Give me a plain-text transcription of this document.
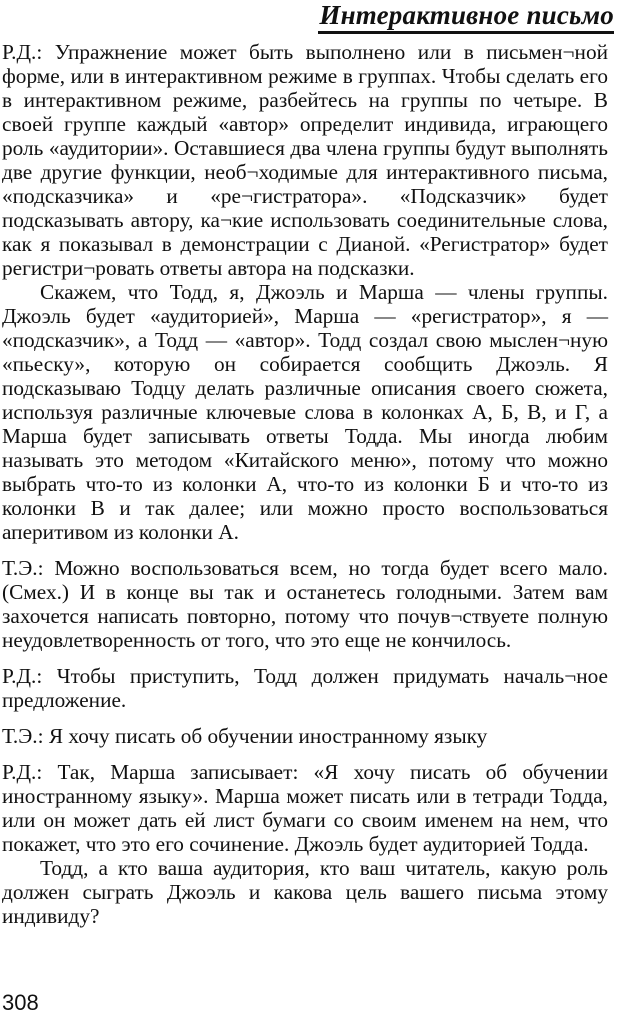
Интерактивное письмо

Р.Д.: Упражнение может быть выполнено или в письмен¬ной форме, или в интерактивном режиме в группах. Чтобы сделать его в интерактивном режиме, разбейтесь на группы по четыре. В своей группе каждый «автор» определит индивида, играющего роль «аудитории». Оставшиеся два члена группы будут выполнять две другие функции, необ¬ходимые для интерактивного письма, «подсказчика» и «ре¬гистратора». «Подсказчик» будет подсказывать автору, ка¬кие использовать соединительные слова, как я показывал в демонстрации с Дианой. «Регистратор» будет регистри¬ровать ответы автора на подсказки.

Скажем, что Тодд, я, Джоэль и Марша — члены группы. Джоэль будет «аудиторией», Марша — «регистратор», я — «подсказчик», а Тодд — «автор». Тодд создал свою мыслен¬ную «пьеску», которую он собирается сообщить Джоэль. Я подсказываю Тодцу делать различные описания своего сюжета, используя различные ключевые слова в колонках А, Б, В, и Г, а Марша будет записывать ответы Тодда. Мы иногда любим называть это методом «Китайского меню», потому что можно выбрать что-то из колонки А, что-то из колонки Б и что-то из колонки В и так далее; или можно просто воспользоваться аперитивом из колонки А.

Т.Э.: Можно воспользоваться всем, но тогда будет всего мало. (Смех.) И в конце вы так и останетесь голодными. Затем вам захочется написать повторно, потому что почув¬ствуете полную неудовлетворенность от того, что это еще не кончилось.

Р.Д.: Чтобы приступить, Тодд должен придумать началь¬ное предложение.

Т.Э.: Я хочу писать об обучении иностранному языку

Р.Д.: Так, Марша записывает: «Я хочу писать об обучении иностранному языку». Марша может писать или в тетради Тодда, или он может дать ей лист бумаги со своим именем на нем, что покажет, что это его сочинение. Джоэль будет аудиторией Тодда.

Тодд, а кто ваша аудитория, кто ваш читатель, какую роль должен сыграть Джоэль и какова цель вашего письма этому индивиду?

308
